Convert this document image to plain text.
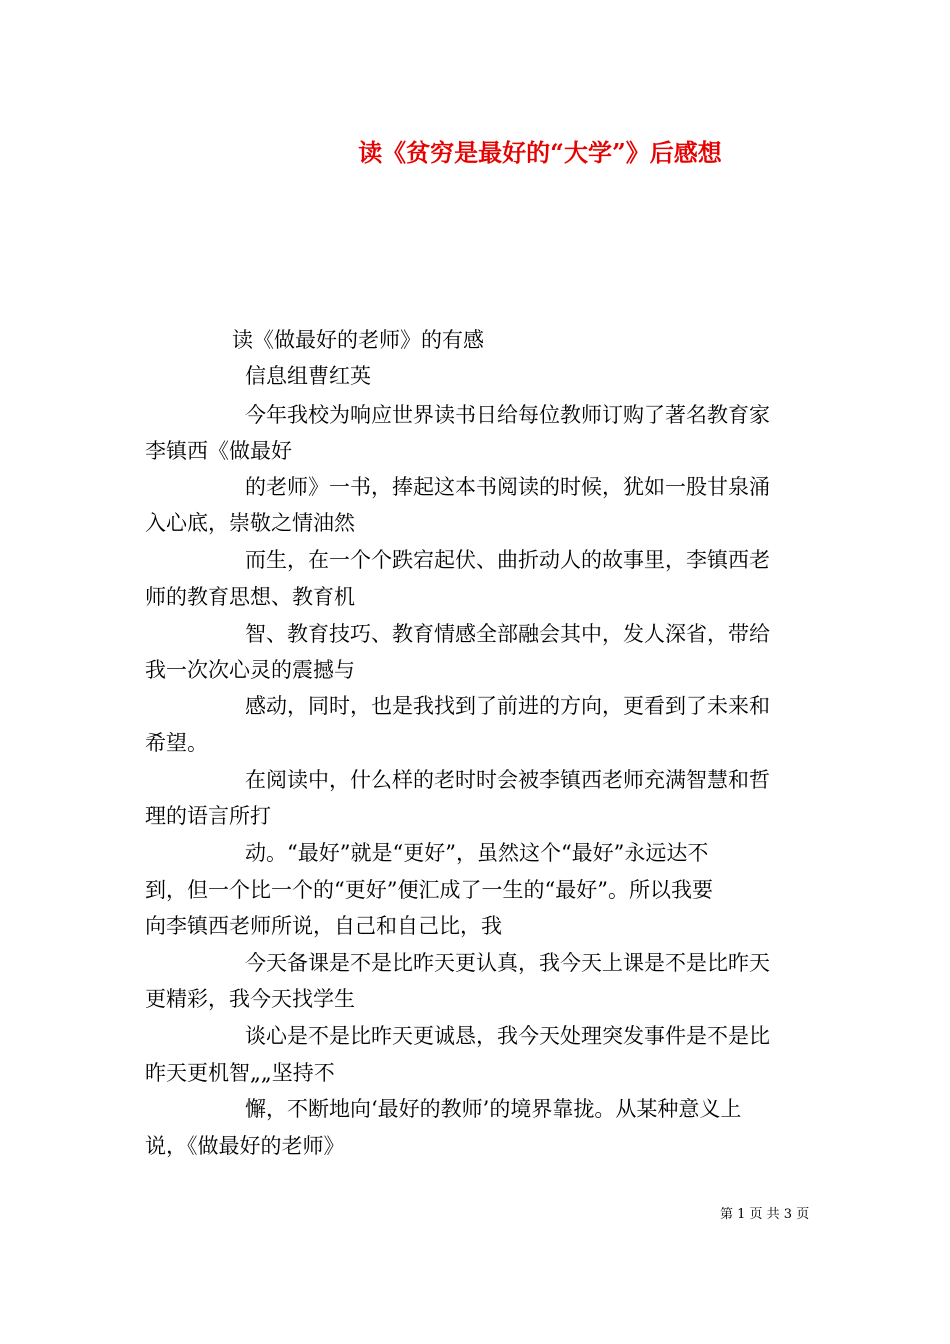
读《贫穷是最好的“大学”》后感想
读《做最好的老师》的有感
信息组曹红英
今年我校为响应世界读书日给每位教师订购了著名教育家
李镇西《做最好
的老师》一书，捧起这本书阅读的时候，犹如一股甘泉涌
入心底，崇敬之情油然
而生，在一个个跌宕起伏、曲折动人的故事里，李镇西老
师的教育思想、教育机
智、教育技巧、教育情感全部融会其中，发人深省，带给
我一次次心灵的震撼与
感动，同时，也是我找到了前进的方向，更看到了未来和
希望。
在阅读中，什么样的老时时会被李镇西老师充满智慧和哲
理的语言所打
动。“最好”就是“更好”，虽然这个“最好”永远达不
到，但一个比一个的“更好”便汇成了一生的“最好”。所以我要
向李镇西老师所说，自己和自己比，我
今天备课是不是比昨天更认真，我今天上课是不是比昨天
更精彩，我今天找学生
谈心是不是比昨天更诚恳，我今天处理突发事件是不是比
昨天更机智„„坚持不
懈，不断地向‘最好的教师’的境界靠拢。从某种意义上
说，《做最好的老师》
第 1 页 共 3 页
